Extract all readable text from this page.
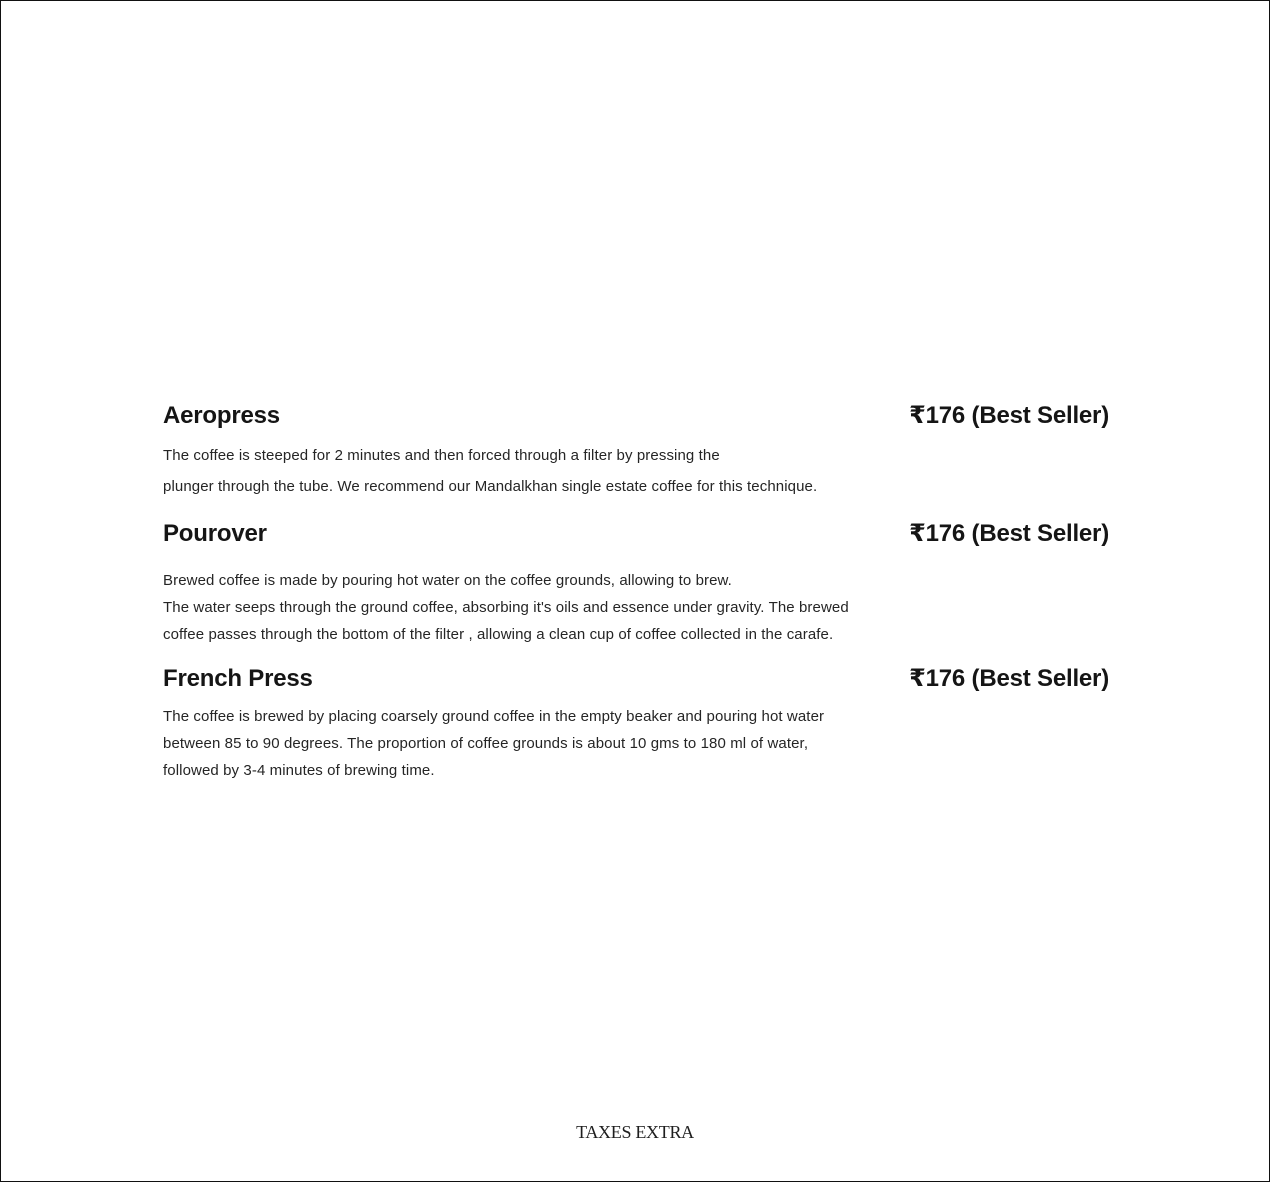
Aeropress	₹176 (Best Seller)
The coffee is steeped for 2 minutes and then forced through a filter by pressing the
plunger through the tube. We recommend our Mandalkhan single estate coffee for this technique.
Pourover	₹176 (Best Seller)
Brewed coffee is made by pouring hot water on the coffee grounds, allowing to brew.
The water seeps through the ground coffee, absorbing it's oils and essence under gravity. The brewed
coffee passes through the bottom of the filter , allowing a clean cup of coffee collected in the carafe.
French Press	₹176 (Best Seller)
The coffee is brewed by placing coarsely ground coffee in the empty beaker and pouring hot water
between 85 to 90 degrees. The proportion of coffee grounds is about 10 gms to 180 ml of water,
followed by 3-4 minutes of brewing time.
TAXES EXTRA
